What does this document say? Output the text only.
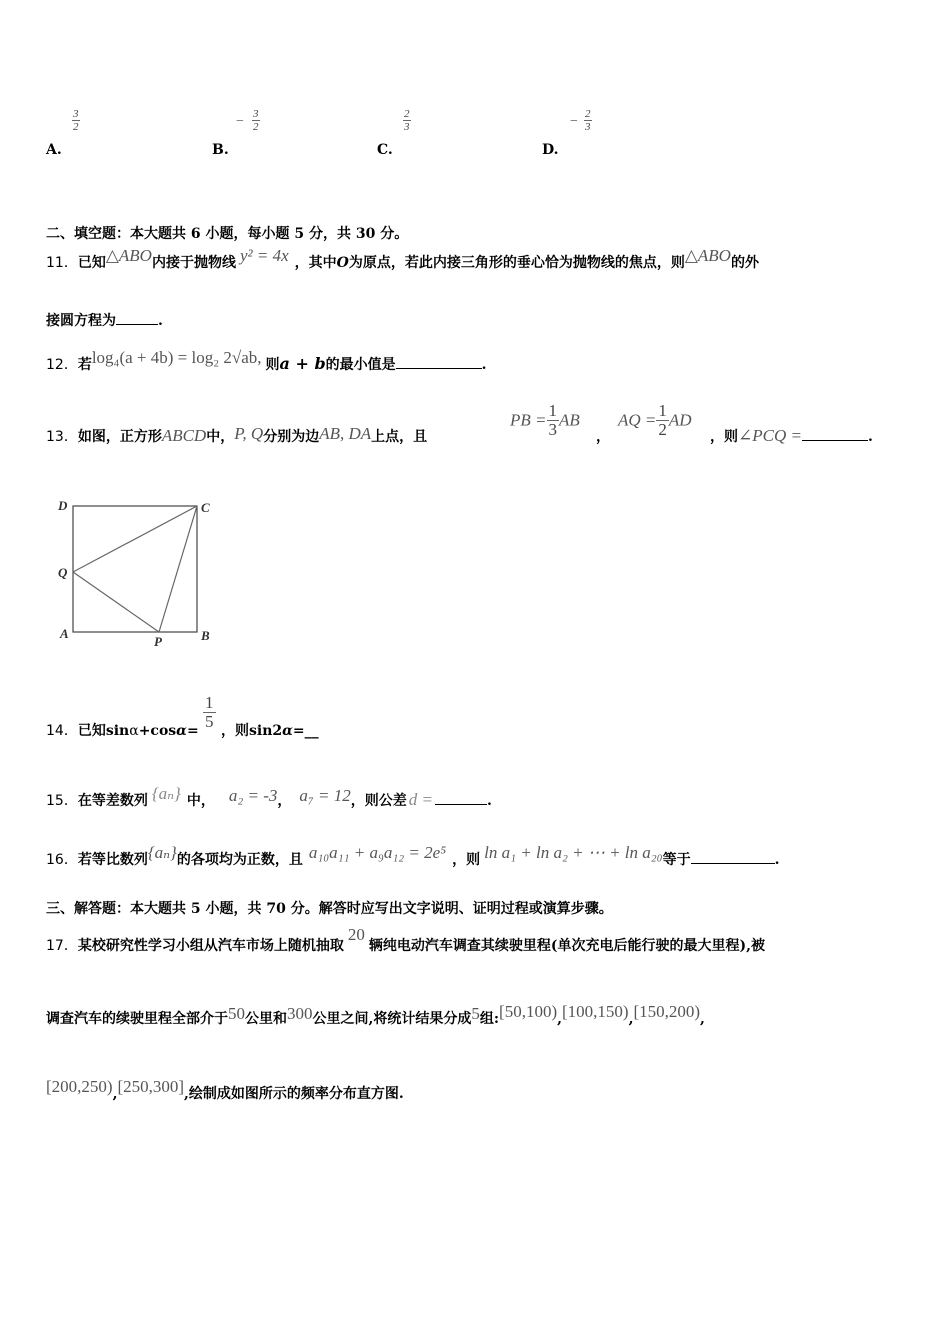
$\frac{3}{2}$
A.
− $\frac{3}{2}$
B.
$\frac{2}{3}$
C.
− $\frac{2}{3}$
D.
二、填空题：本大题共 6 小题，每小题 5 分，共 30 分。
11．已知△ABO内接于抛物线 y² = 4x ，其中O为原点，若此内接三角形的垂心恰为抛物线的焦点，则△ABO的外
接圆方程为	.
12．若log₄(a + 4b) = log₂ 2√ab, 则a + b的最小值是	.
13．如图，正方形ABCD中，P, Q分别为边AB, DA上点，且
PB = $\frac{1}{3}$ AB
，
AQ = $\frac{1}{2}$ AD
，则∠PCQ =	.
D	C
Q
A
P	B
14．已知$\sin\alpha+\cos\alpha= \frac{1}{5}$ ，则sin2α=__
15．在等差数列 {aₙ} 中， a₂ = -3， a₇ = 12，则公差 d =	.
16．若等比数列{aₙ}的各项均为正数，且 a₁₀a₁₁ + a₉a₁₂ = 2e⁵ ，则 ln a₁ + ln a₂ + ⋯ + ln a₂₀等于	.
三、解答题：本大题共 5 小题，共 70 分。解答时应写出文字说明、证明过程或演算步骤。
17．某校研究性学习小组从汽车市场上随机抽取20辆纯电动汽车调查其续驶里程(单次充电后能行驶的最大里程),被
调查汽车的续驶里程全部介于50公里和300公里之间,将统计结果分成5组:[50,100),[100,150),[150,200),
[200,250),[250,300],绘制成如图所示的频率分布直方图.
